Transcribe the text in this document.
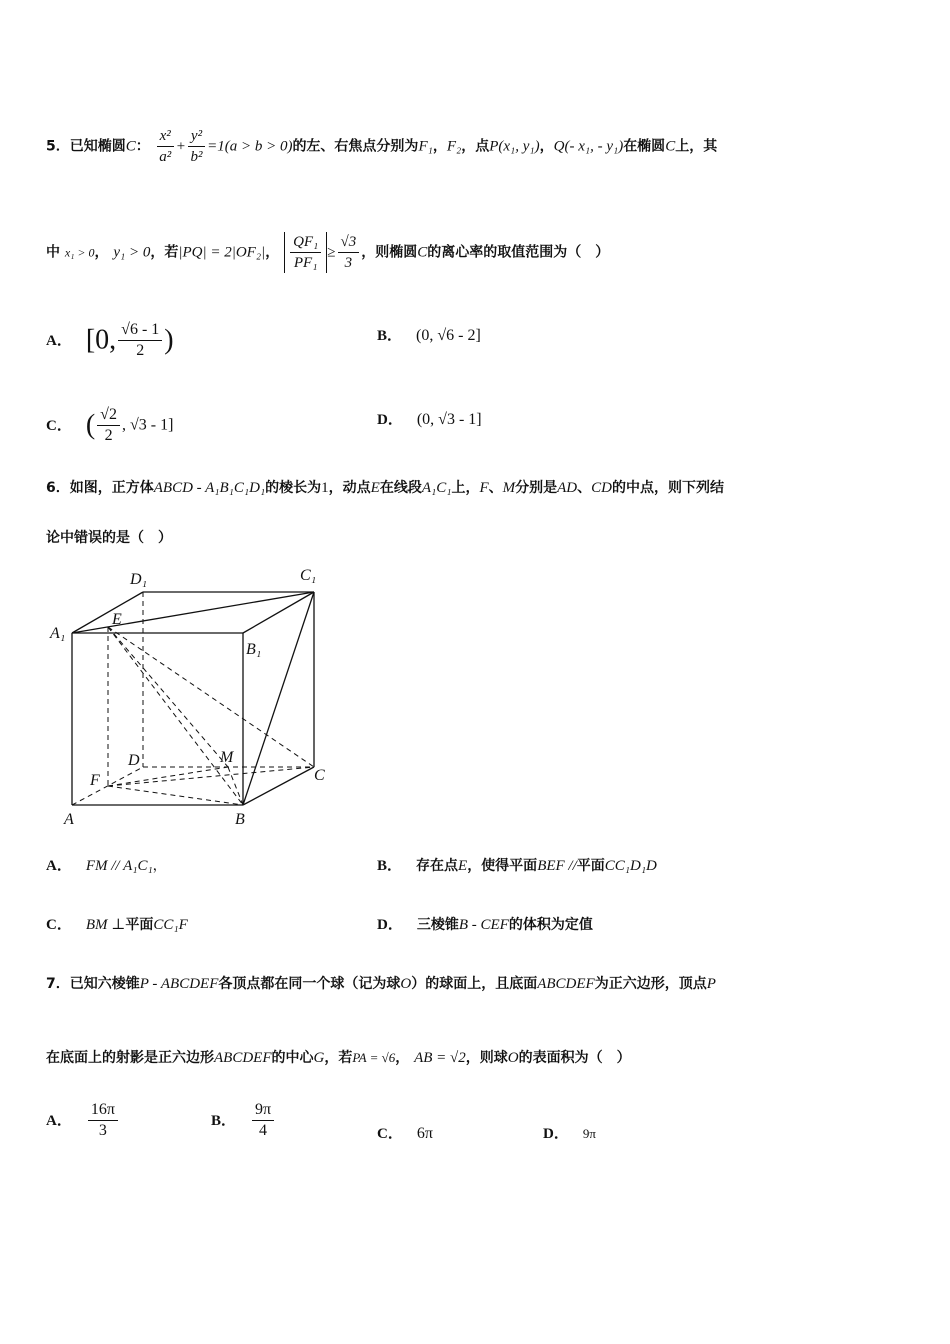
5．已知椭圆C： $\frac{\text{x²}}{\text{a²}} + \frac{\text{y²}}{\text{b²}} =1(a > b > 0)$的左、右焦点分别为F₁，F₂，点P(x₁, y₁)，Q(- x₁, - y₁)在椭圆C上，其
中 x₁ > 0， y₁ > 0，若|PQ| = 2|OF₂|， $\frac{\text{QF₁}}{\text{PF₁}} \ge \frac{√3}{3}$ ，则椭圆C的离心率的取值范围为（　）
A． [0, $\frac{√6 - 1}{2}$ )	B． (0, √6 - 2]
C． ( $\frac{√2}{2}$ , √3 - 1]	D． (0, √3 - 1]
6．如图，正方体ABCD - A₁B₁C₁D₁的棱长为1，动点E在线段A₁C₁上，F、M分别是AD、CD的中点，则下列结
论中错误的是（　）
D₁	C₁
A₁
E
B₁
D	M
F	C
A	B
A． FM // A₁C₁，	B． 存在点E，使得平面BEF //平面CC₁D₁D
C． BM ⊥平面CC₁F	D． 三棱锥B - CEF的体积为定值
7．已知六棱锥P - ABCDEF各顶点都在同一个球（记为球O）的球面上，且底面ABCDEF为正六边形，顶点P
在底面上的射影是正六边形ABCDEF的中心G，若PA = √6， AB = √2，则球O的表面积为（　）
A． $\frac{16\pi}{3}$	B． $\frac{9\pi}{4}$	C． 6π	D． 9π
